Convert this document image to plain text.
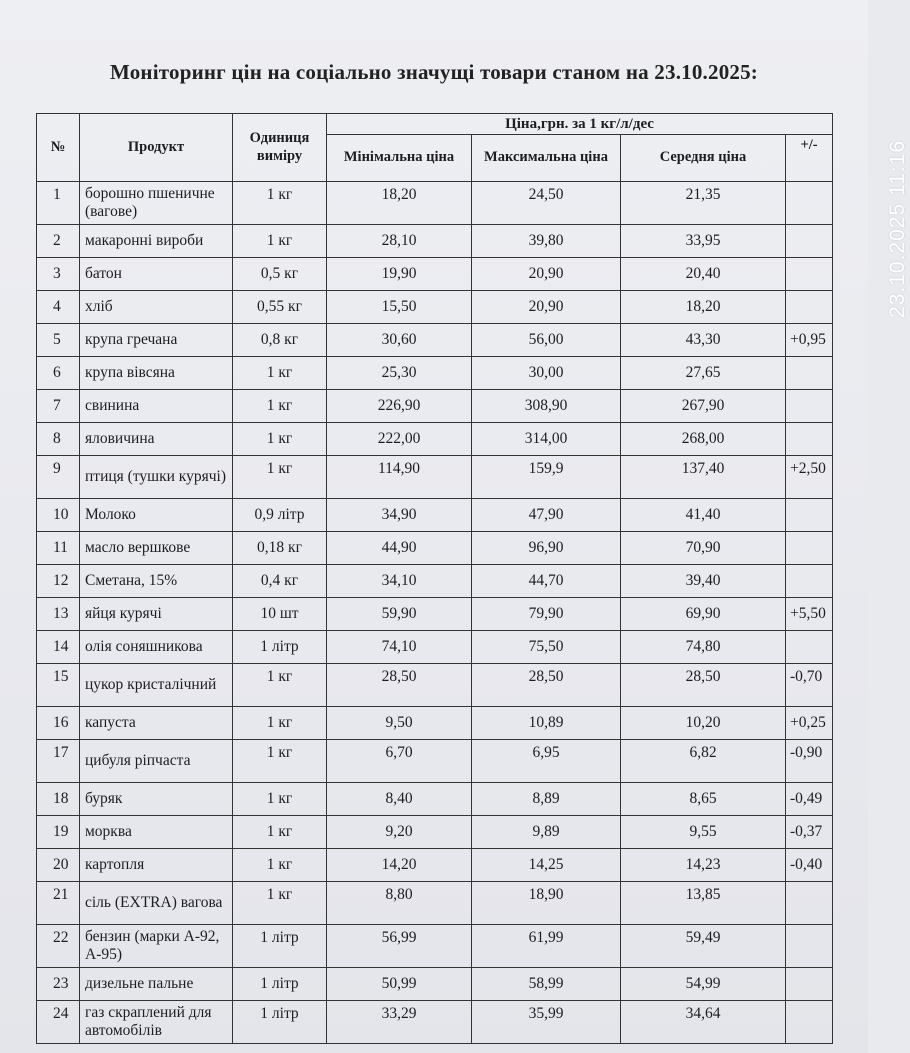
Моніторинг цін на соціально значущі товари станом на 23.10.2025:
23.10.2025 11:16
№	Продукт	Одиниця виміру	Ціна,грн. за 1 кг/л/дес			
			Мінімальна ціна	Максимальна ціна	Середня ціна	+/-
1	борошно пшеничне (вагове)	1 кг	18,20	24,50	21,35	
2	макаронні вироби	1 кг	28,10	39,80	33,95	
3	батон	0,5 кг	19,90	20,90	20,40	
4	хліб	0,55 кг	15,50	20,90	18,20	
5	крупа гречана	0,8 кг	30,60	56,00	43,30	+0,95
6	крупа вівсяна	1 кг	25,30	30,00	27,65	
7	свинина	1 кг	226,90	308,90	267,90	
8	яловичина	1 кг	222,00	314,00	268,00	
9	птиця (тушки курячі)	1 кг	114,90	159,9	137,40	+2,50
10	Молоко	0,9 літр	34,90	47,90	41,40	
11	масло вершкове	0,18 кг	44,90	96,90	70,90	
12	Сметана, 15%	0,4 кг	34,10	44,70	39,40	
13	яйця курячі	10 шт	59,90	79,90	69,90	+5,50
14	олія соняшникова	1 літр	74,10	75,50	74,80	
15	цукор кристалічний	1 кг	28,50	28,50	28,50	-0,70
16	капуста	1 кг	9,50	10,89	10,20	+0,25
17	цибуля ріпчаста	1 кг	6,70	6,95	6,82	-0,90
18	буряк	1 кг	8,40	8,89	8,65	-0,49
19	морква	1 кг	9,20	9,89	9,55	-0,37
20	картопля	1 кг	14,20	14,25	14,23	-0,40
21	сіль (EXTRA) вагова	1 кг	8,80	18,90	13,85	
22	бензин (марки А-92, А-95)	1 літр	56,99	61,99	59,49	
23	дизельне пальне	1 літр	50,99	58,99	54,99	
24	газ скраплений для автомобілів	1 літр	33,29	35,99	34,64	
